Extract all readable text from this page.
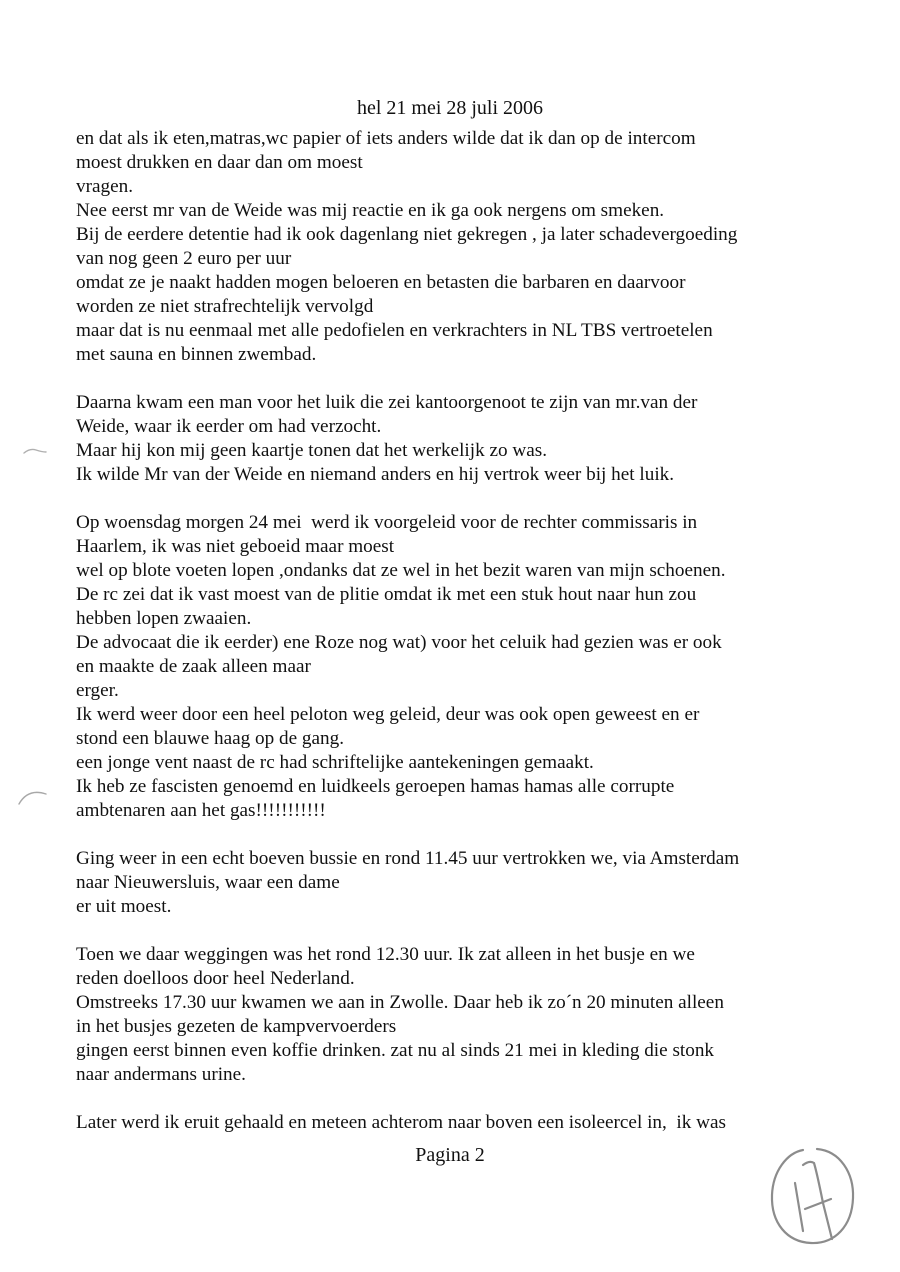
hel 21 mei 28 juli 2006
en dat als ik eten,matras,wc papier of iets anders wilde dat ik dan op de intercom
moest drukken en daar dan om moest
vragen.
Nee eerst mr van de Weide was mij reactie en ik ga ook nergens om smeken.
Bij de eerdere detentie had ik ook dagenlang niet gekregen , ja later schadevergoeding
van nog geen 2 euro per uur
omdat ze je naakt hadden mogen beloeren en betasten die barbaren en daarvoor
worden ze niet strafrechtelijk vervolgd
maar dat is nu eenmaal met alle pedofielen en verkrachters in NL TBS vertroetelen
met sauna en binnen zwembad.
Daarna kwam een man voor het luik die zei kantoorgenoot te zijn van mr.van der
Weide, waar ik eerder om had verzocht.
Maar hij kon mij geen kaartje tonen dat het werkelijk zo was.
Ik wilde Mr van der Weide en niemand anders en hij vertrok weer bij het luik.
Op woensdag morgen 24 mei  werd ik voorgeleid voor de rechter commissaris in
Haarlem, ik was niet geboeid maar moest
wel op blote voeten lopen ,ondanks dat ze wel in het bezit waren van mijn schoenen.
De rc zei dat ik vast moest van de plitie omdat ik met een stuk hout naar hun zou
hebben lopen zwaaien.
De advocaat die ik eerder) ene Roze nog wat) voor het celuik had gezien was er ook
en maakte de zaak alleen maar
erger.
Ik werd weer door een heel peloton weg geleid, deur was ook open geweest en er
stond een blauwe haag op de gang.
een jonge vent naast de rc had schriftelijke aantekeningen gemaakt.
Ik heb ze fascisten genoemd en luidkeels geroepen hamas hamas alle corrupte
ambtenaren aan het gas!!!!!!!!!!!
Ging weer in een echt boeven bussie en rond 11.45 uur vertrokken we, via Amsterdam
naar Nieuwersluis, waar een dame
er uit moest.
Toen we daar weggingen was het rond 12.30 uur. Ik zat alleen in het busje en we
reden doelloos door heel Nederland.
Omstreeks 17.30 uur kwamen we aan in Zwolle. Daar heb ik zo´n 20 minuten alleen
in het busjes gezeten de kampvervoerders
gingen eerst binnen even koffie drinken. zat nu al sinds 21 mei in kleding die stonk
naar andermans urine.
Later werd ik eruit gehaald en meteen achterom naar boven een isoleercel in,  ik was
Pagina 2
